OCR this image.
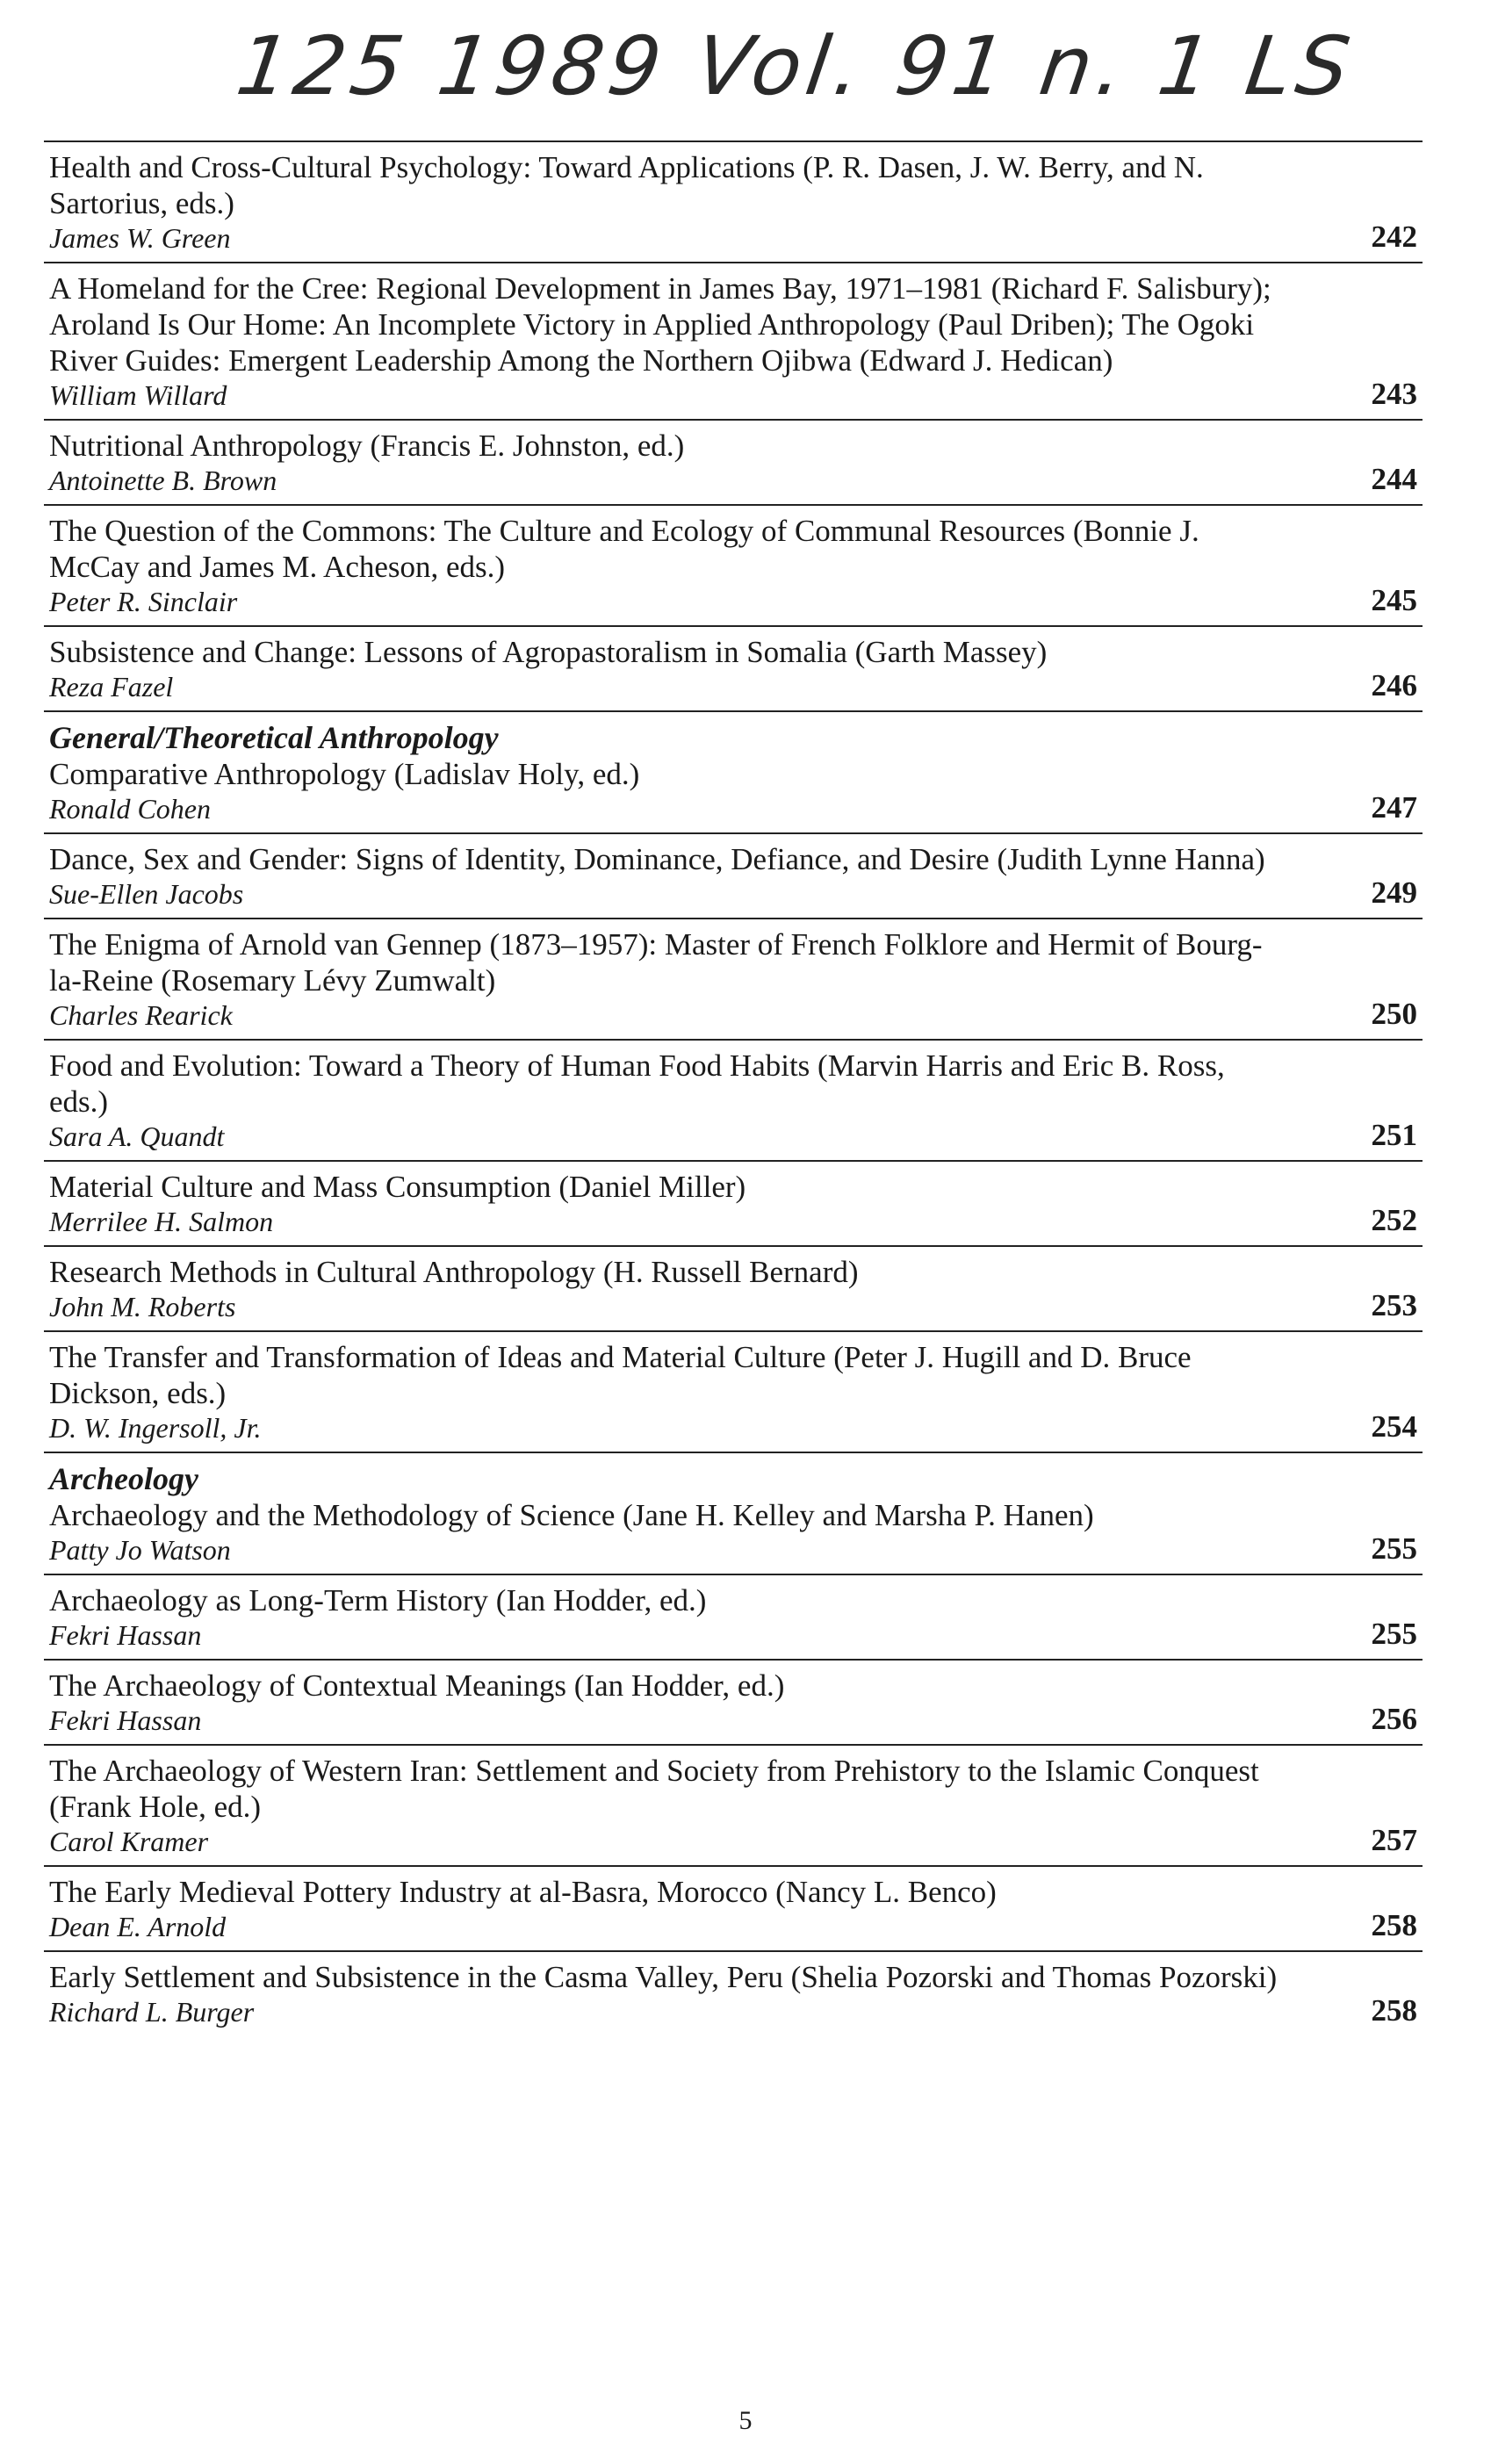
125 1989 Vol. 91 n. 1 LS
Health and Cross-Cultural Psychology: Toward Applications (P. R. Dasen, J. W. Berry, and N. Sartorius, eds.)
James W. Green	242
A Homeland for the Cree: Regional Development in James Bay, 1971–1981 (Richard F. Salisbury); Aroland Is Our Home: An Incomplete Victory in Applied Anthropology (Paul Driben); The Ogoki River Guides: Emergent Leadership Among the Northern Ojibwa (Edward J. Hedican)
William Willard	243
Nutritional Anthropology (Francis E. Johnston, ed.)
Antoinette B. Brown	244
The Question of the Commons: The Culture and Ecology of Communal Resources (Bonnie J. McCay and James M. Acheson, eds.)
Peter R. Sinclair	245
Subsistence and Change: Lessons of Agropastoralism in Somalia (Garth Massey)
Reza Fazel	246
General/Theoretical Anthropology
Comparative Anthropology (Ladislav Holy, ed.)
Ronald Cohen	247
Dance, Sex and Gender: Signs of Identity, Dominance, Defiance, and Desire (Judith Lynne Hanna)
Sue-Ellen Jacobs	249
The Enigma of Arnold van Gennep (1873–1957): Master of French Folklore and Hermit of Bourg-la-Reine (Rosemary Lévy Zumwalt)
Charles Rearick	250
Food and Evolution: Toward a Theory of Human Food Habits (Marvin Harris and Eric B. Ross, eds.)
Sara A. Quandt	251
Material Culture and Mass Consumption (Daniel Miller)
Merrilee H. Salmon	252
Research Methods in Cultural Anthropology (H. Russell Bernard)
John M. Roberts	253
The Transfer and Transformation of Ideas and Material Culture (Peter J. Hugill and D. Bruce Dickson, eds.)
D. W. Ingersoll, Jr.	254
Archeology
Archaeology and the Methodology of Science (Jane H. Kelley and Marsha P. Hanen)
Patty Jo Watson	255
Archaeology as Long-Term History (Ian Hodder, ed.)
Fekri Hassan	255
The Archaeology of Contextual Meanings (Ian Hodder, ed.)
Fekri Hassan	256
The Archaeology of Western Iran: Settlement and Society from Prehistory to the Islamic Conquest (Frank Hole, ed.)
Carol Kramer	257
The Early Medieval Pottery Industry at al-Basra, Morocco (Nancy L. Benco)
Dean E. Arnold	258
Early Settlement and Subsistence in the Casma Valley, Peru (Shelia Pozorski and Thomas Pozorski)
Richard L. Burger	258
5
